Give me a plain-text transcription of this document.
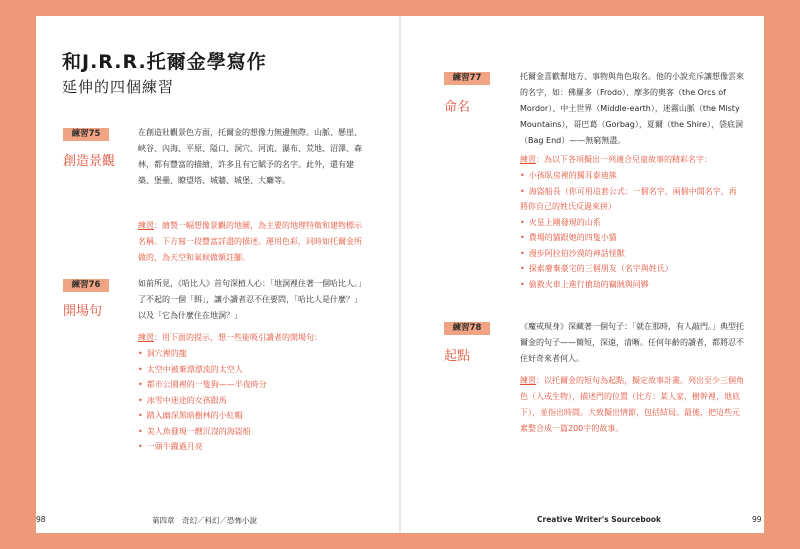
和J.R.R.托爾金學寫作
延伸的四個練習
練習75
創造景觀
在創造壯觀景色方面，托爾金的想像力無邊無際。山脈、懸崖、峽谷、內海、平原、隘口、洞穴、河流、瀑布、荒地、沼澤、森林，都有豐富的描繪，許多且有它賦予的名字。此外，還有建築、堡壘、瞭望塔、城牆、城堡、大廳等。
練習：繪製一幅想像景觀的地圖，為主要的地理特徵和建物標示名稱。下方寫一段豐富詳盡的描述。運用色彩，同時如托爾金所做的，為天空和氣候做額註腳。
練習76
開場句
如前所見，《哈比人》首句深植人心：「地洞裡住著一個哈比人。」了不起的一個「餌」，讓小讀者忍不住要問，「哈比人是什麼？」以及「它為什麼住在地洞？」
練習：用下面的提示，想一些能吸引讀者的開場句：
• 洞穴裡的龍
• 太空中被棄漂漂流的太空人
• 都市公園裡的一隻狗——半夜時分
• 冰雪中迷途的女孩跟馬
• 踏入幽深黑暗樹林的小紅帽
• 美人魚發現一艘沉沒的海盜船
• 一頭牛躍過月亮
98	第四章　奇幻／科幻／恐怖小說
練習77
命名
托爾金喜歡幫地方、事物與角色取名。他的小說充斥讓想像雲來的名字，如：佛羅多（Frodo）、摩多的奧客（the Orcs of Mordor）、中土世界（Middle-earth），迷霧山脈（the Misty Mountains），哥巴葛（Gorbag），夏爾（the Shire），袋底洞（Bag End）——無窮無盡。
練習：為以下各項擬出一列適合兒童故事的精彩名字：
• 小孩臥房裡的獨耳泰迪熊
• 海盜船長（你可用這套公式：一個名字、兩個中間名字，再將你自己的姓氏反過來拼）
• 火星上剛發現的山系
• 農場的貓跟她的四隻小貓
• 漫步阿拉伯沙漠的神話怪獸
• 探索廢棄豪宅的三個朋友（名字與姓氏）
• 偷救火車上進行搶劫的竊賊與同夥
練習78
起點
《魔戒現身》深藏著一個句子：「就在那時，有人敲門。」典型托爾金的句子——簡短，深遠，清晰。任何年齡的讀者，都將忍不住好奇來者何人。
練習：以托爾金的短句為起點，擬定故事計畫。列出至少三個角色（人或生物），描述門的位置（比方：某人家，樹幹裡，地底下），並指出時間。大致擬出情節，包括結局。最後，把這些元素整合成一篇200字的故事。
Creative Writer's Sourcebook	99
